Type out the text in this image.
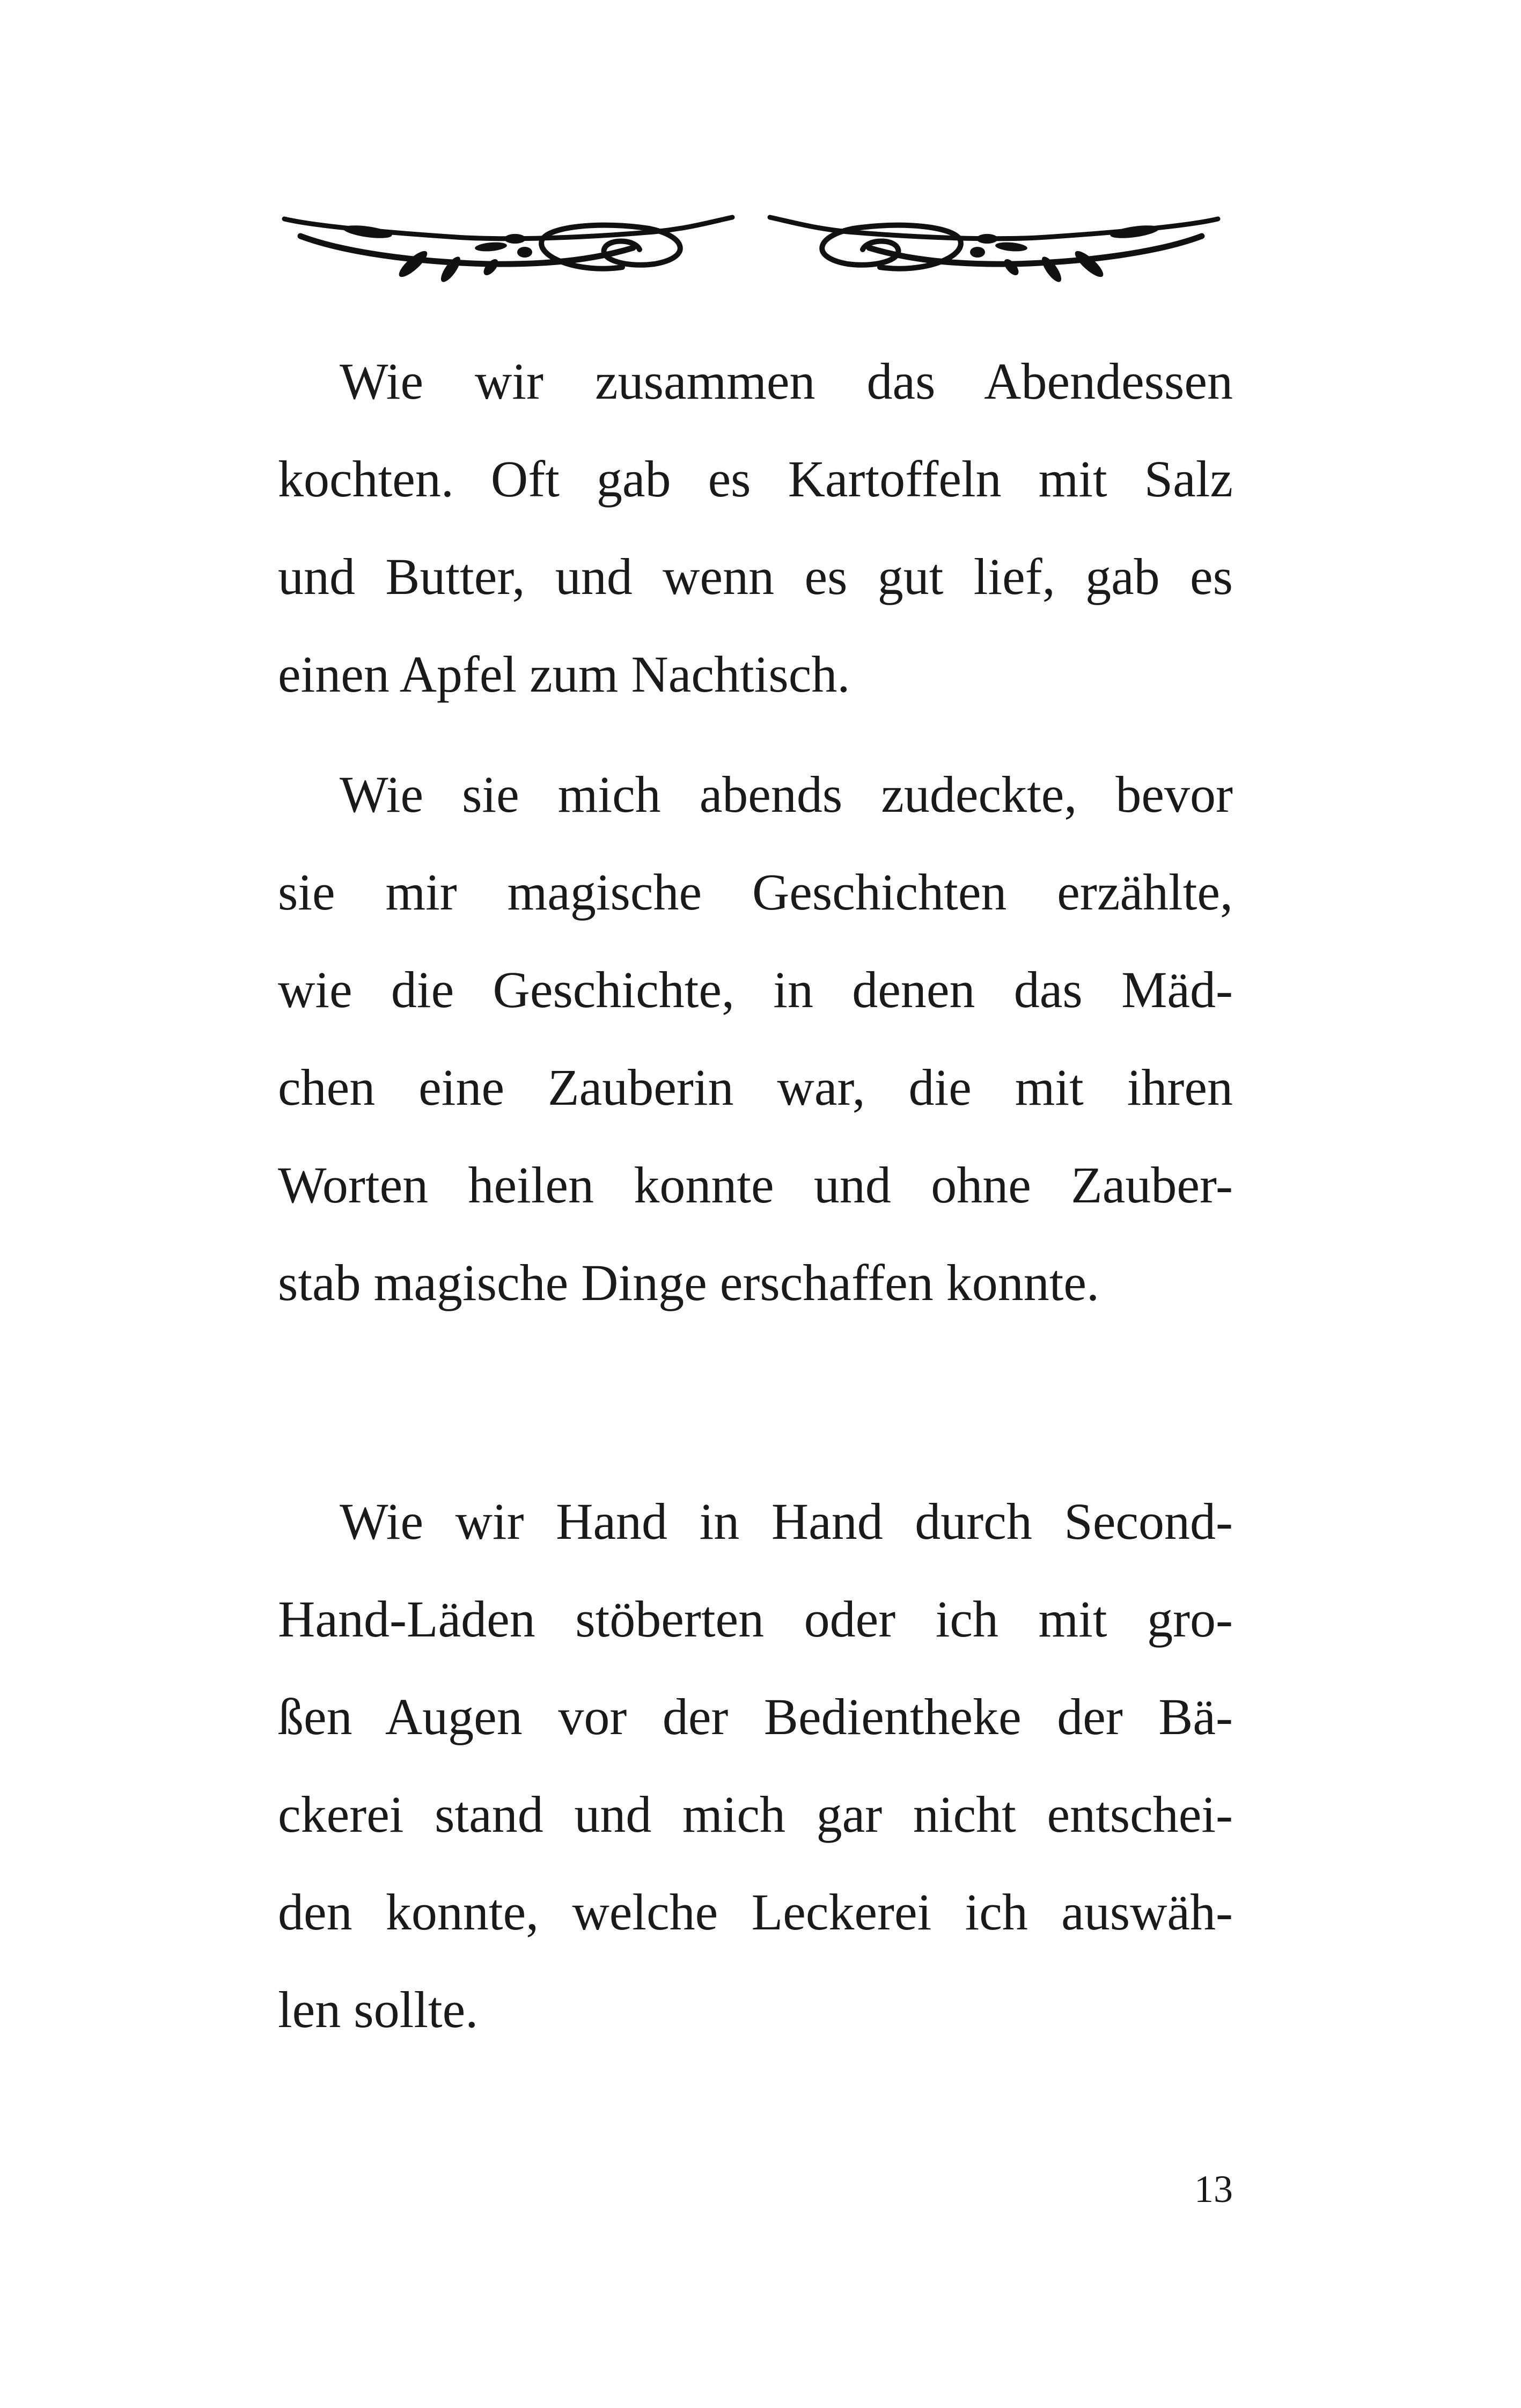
Wie wir zusammen das Abendessen
kochten. Oft gab es Kartoffeln mit Salz
und Butter, und wenn es gut lief, gab es
einen Apfel zum Nachtisch.
Wie sie mich abends zudeckte, bevor
sie mir magische Geschichten erzählte,
wie die Geschichte, in denen das Mäd-
chen eine Zauberin war, die mit ihren
Worten heilen konnte und ohne Zauber-
stab magische Dinge erschaffen konnte.
Wie wir Hand in Hand durch Second-
Hand-Läden stöberten oder ich mit gro-
ßen Augen vor der Bedientheke der Bä-
ckerei stand und mich gar nicht entschei-
den konnte, welche Leckerei ich auswäh-
len sollte.
13
